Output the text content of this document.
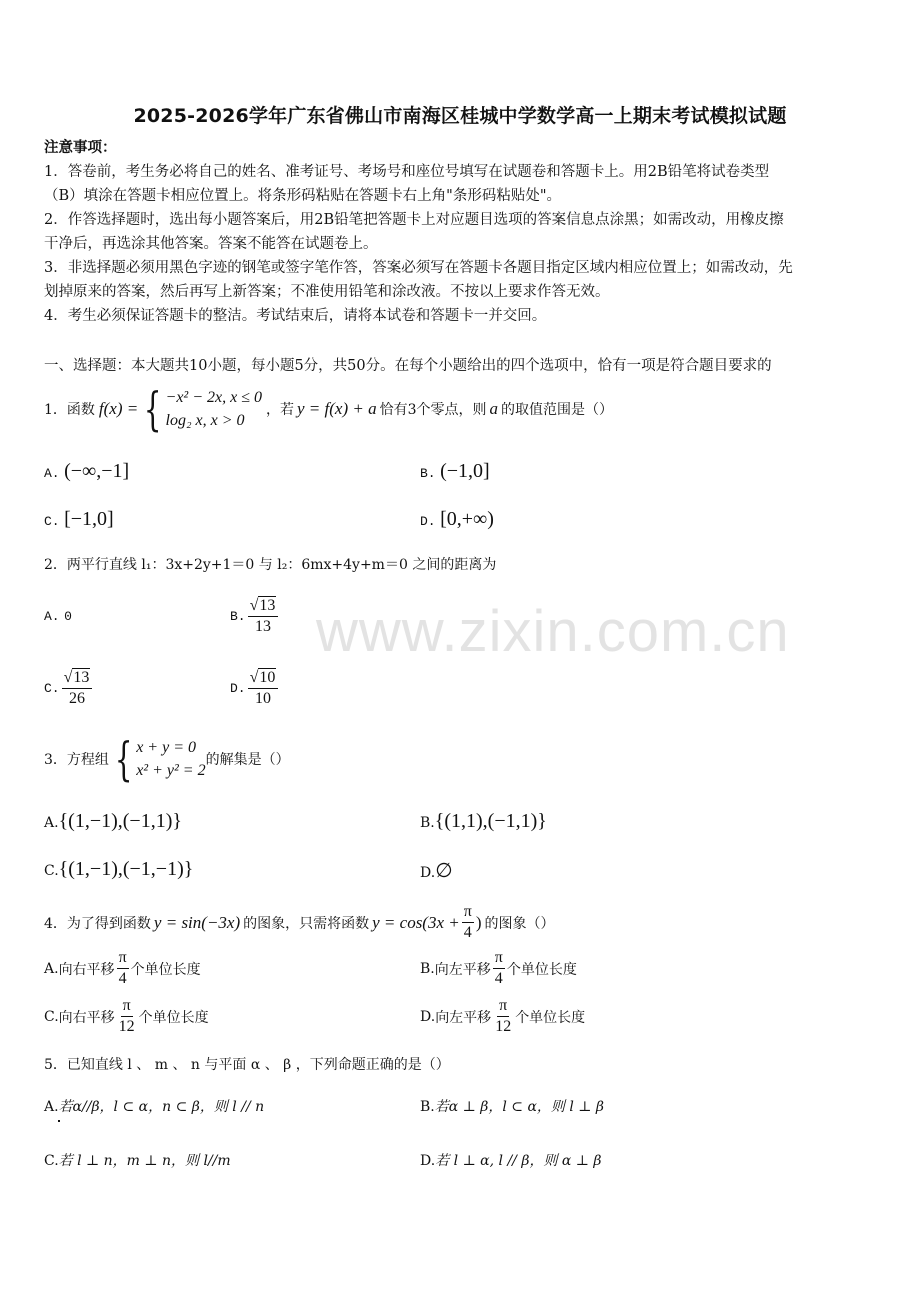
2025-2026学年广东省佛山市南海区桂城中学数学高一上期末考试模拟试题
www.zixin.com.cn
注意事项：
1．答卷前，考生务必将自己的姓名、准考证号、考场号和座位号填写在试题卷和答题卡上。用2B铅笔将试卷类型
（B）填涂在答题卡相应位置上。将条形码粘贴在答题卡右上角"条形码粘贴处"。
2．作答选择题时，选出每小题答案后，用2B铅笔把答题卡上对应题目选项的答案信息点涂黑；如需改动，用橡皮擦
干净后，再选涂其他答案。答案不能答在试题卷上。
3．非选择题必须用黑色字迹的钢笔或签字笔作答，答案必须写在答题卡各题目指定区域内相应位置上；如需改动，先
划掉原来的答案，然后再写上新答案；不准使用铅笔和涂改液。不按以上要求作答无效。
4．考生必须保证答题卡的整洁。考试结束后，请将本试卷和答题卡一并交回。
一、选择题：本大题共10小题，每小题5分，共50分。在每个小题给出的四个选项中，恰有一项是符合题目要求的
1．函数 f(x) = { −x² − 2x, x ≤ 0
log₂ x, x > 0
，若 y = f(x) + a 恰有3个零点，则 a 的取值范围是（）
A. (−∞,−1]	B. (−1,0]
C. [−1,0]	D. [0,+∞)
2．两平行直线 l₁：3x+2y+1＝0 与 l₂：6mx+4y+m＝0 之间的距离为
A. 0	B. $\frac{√13}{13}$
C. $\frac{√13}{26}$	D. $\frac{√10}{10}$
3．方程组 { x + y = 0
x² + y² = 2
的解集是（）
A.{(1,−1),(−1,1)}	B.{(1,1),(−1,1)}
C.{(1,−1),(−1,−1)}	D.∅
4．为了得到函数 y = sin(−3x) 的图象，只需将函数 $y = \cos(3x + \frac{\pi}{4}$ ) 的图象（）
A. 向右平移 $\frac{\pi}{4}$ 个单位长度	B. 向左平移 $\frac{\pi}{4}$ 个单位长度
C. 向右平移 $\frac{\pi}{12}$ 个单位长度	D. 向左平移 $\frac{\pi}{12}$ 个单位长度
5．已知直线 l 、 m 、 n 与平面 α 、 β ，下列命题正确的是（）
A.若α//β，l ⊂ α，n ⊂ β，则 l // n	B.若α ⊥ β，l ⊂ α，则 l ⊥ β
C.若 l ⊥ n，m ⊥ n，则 l//m	D.若 l ⊥ α, l // β，则 α ⊥ β
